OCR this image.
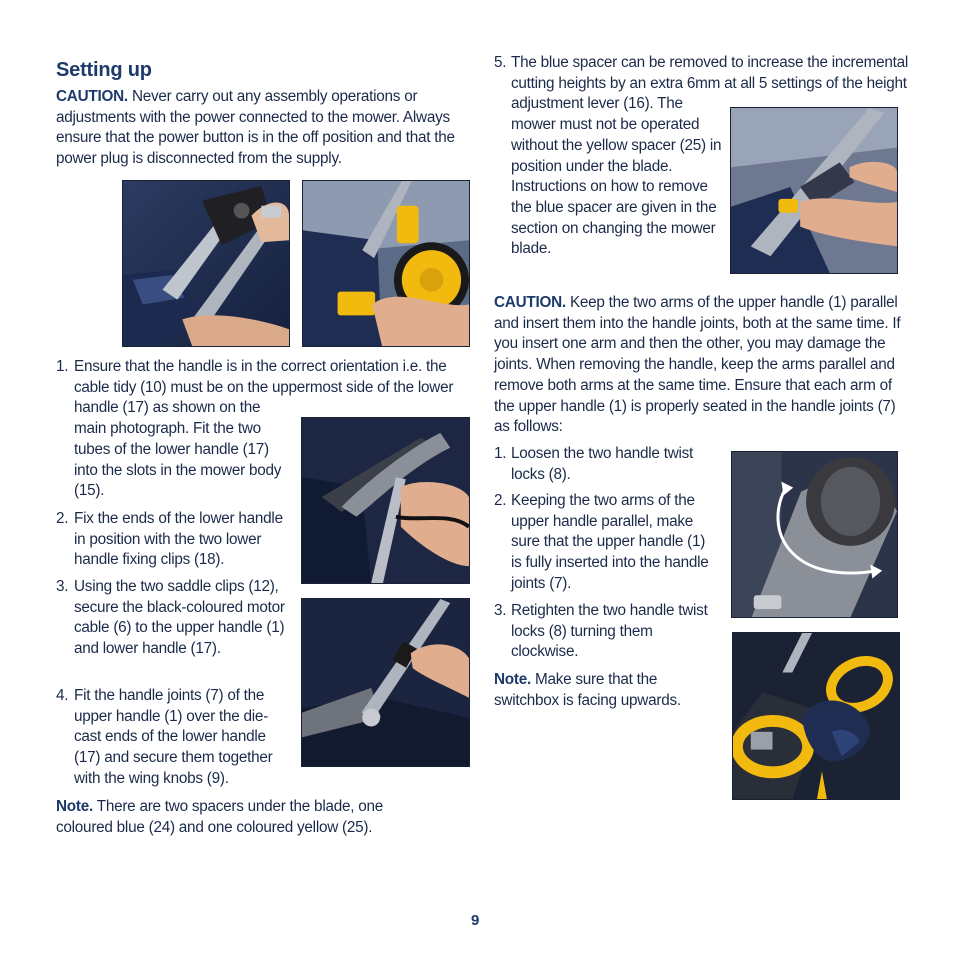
Setting up
CAUTION. Never carry out any assembly operations or adjustments with the power connected to the mower. Always ensure that the power button is in the off position and that the power plug is disconnected from the supply.
1. Ensure that the handle is in the correct orientation i.e. the cable tidy (10) must be on the uppermost side of the lower handle (17) as shown on the main photograph. Fit the two tubes of the lower handle (17) into the slots in the mower body (15).
2. Fix the ends of the lower handle in position with the two lower handle fixing clips (18).
3. Using the two saddle clips (12), secure the black-coloured motor cable (6) to the upper handle (1) and lower handle (17).
4. Fit the handle joints (7) of the upper handle (1) over the die-cast ends of the lower handle (17) and secure them together with the wing knobs (9).
Note. There are two spacers under the blade, one coloured blue (24) and one coloured yellow (25).
5. The blue spacer can be removed to increase the incremental cutting heights by an extra 6mm at all 5 settings of the height adjustment lever (16). The mower must not be operated without the yellow spacer (25) in position under the blade. Instructions on how to remove the blue spacer are given in the section on changing the mower blade.
CAUTION. Keep the two arms of the upper handle (1) parallel and insert them into the handle joints, both at the same time. If you insert one arm and then the other, you may damage the joints. When removing the handle, keep the arms parallel and remove both arms at the same time. Ensure that each arm of the upper handle (1) is properly seated in the handle joints (7) as follows:
1. Loosen the two handle twist locks (8).
2. Keeping the two arms of the upper handle parallel, make sure that the upper handle (1) is fully inserted into the handle joints (7).
3. Retighten the two handle twist locks (8) turning them clockwise.
Note. Make sure that the switchbox is facing upwards.
9
